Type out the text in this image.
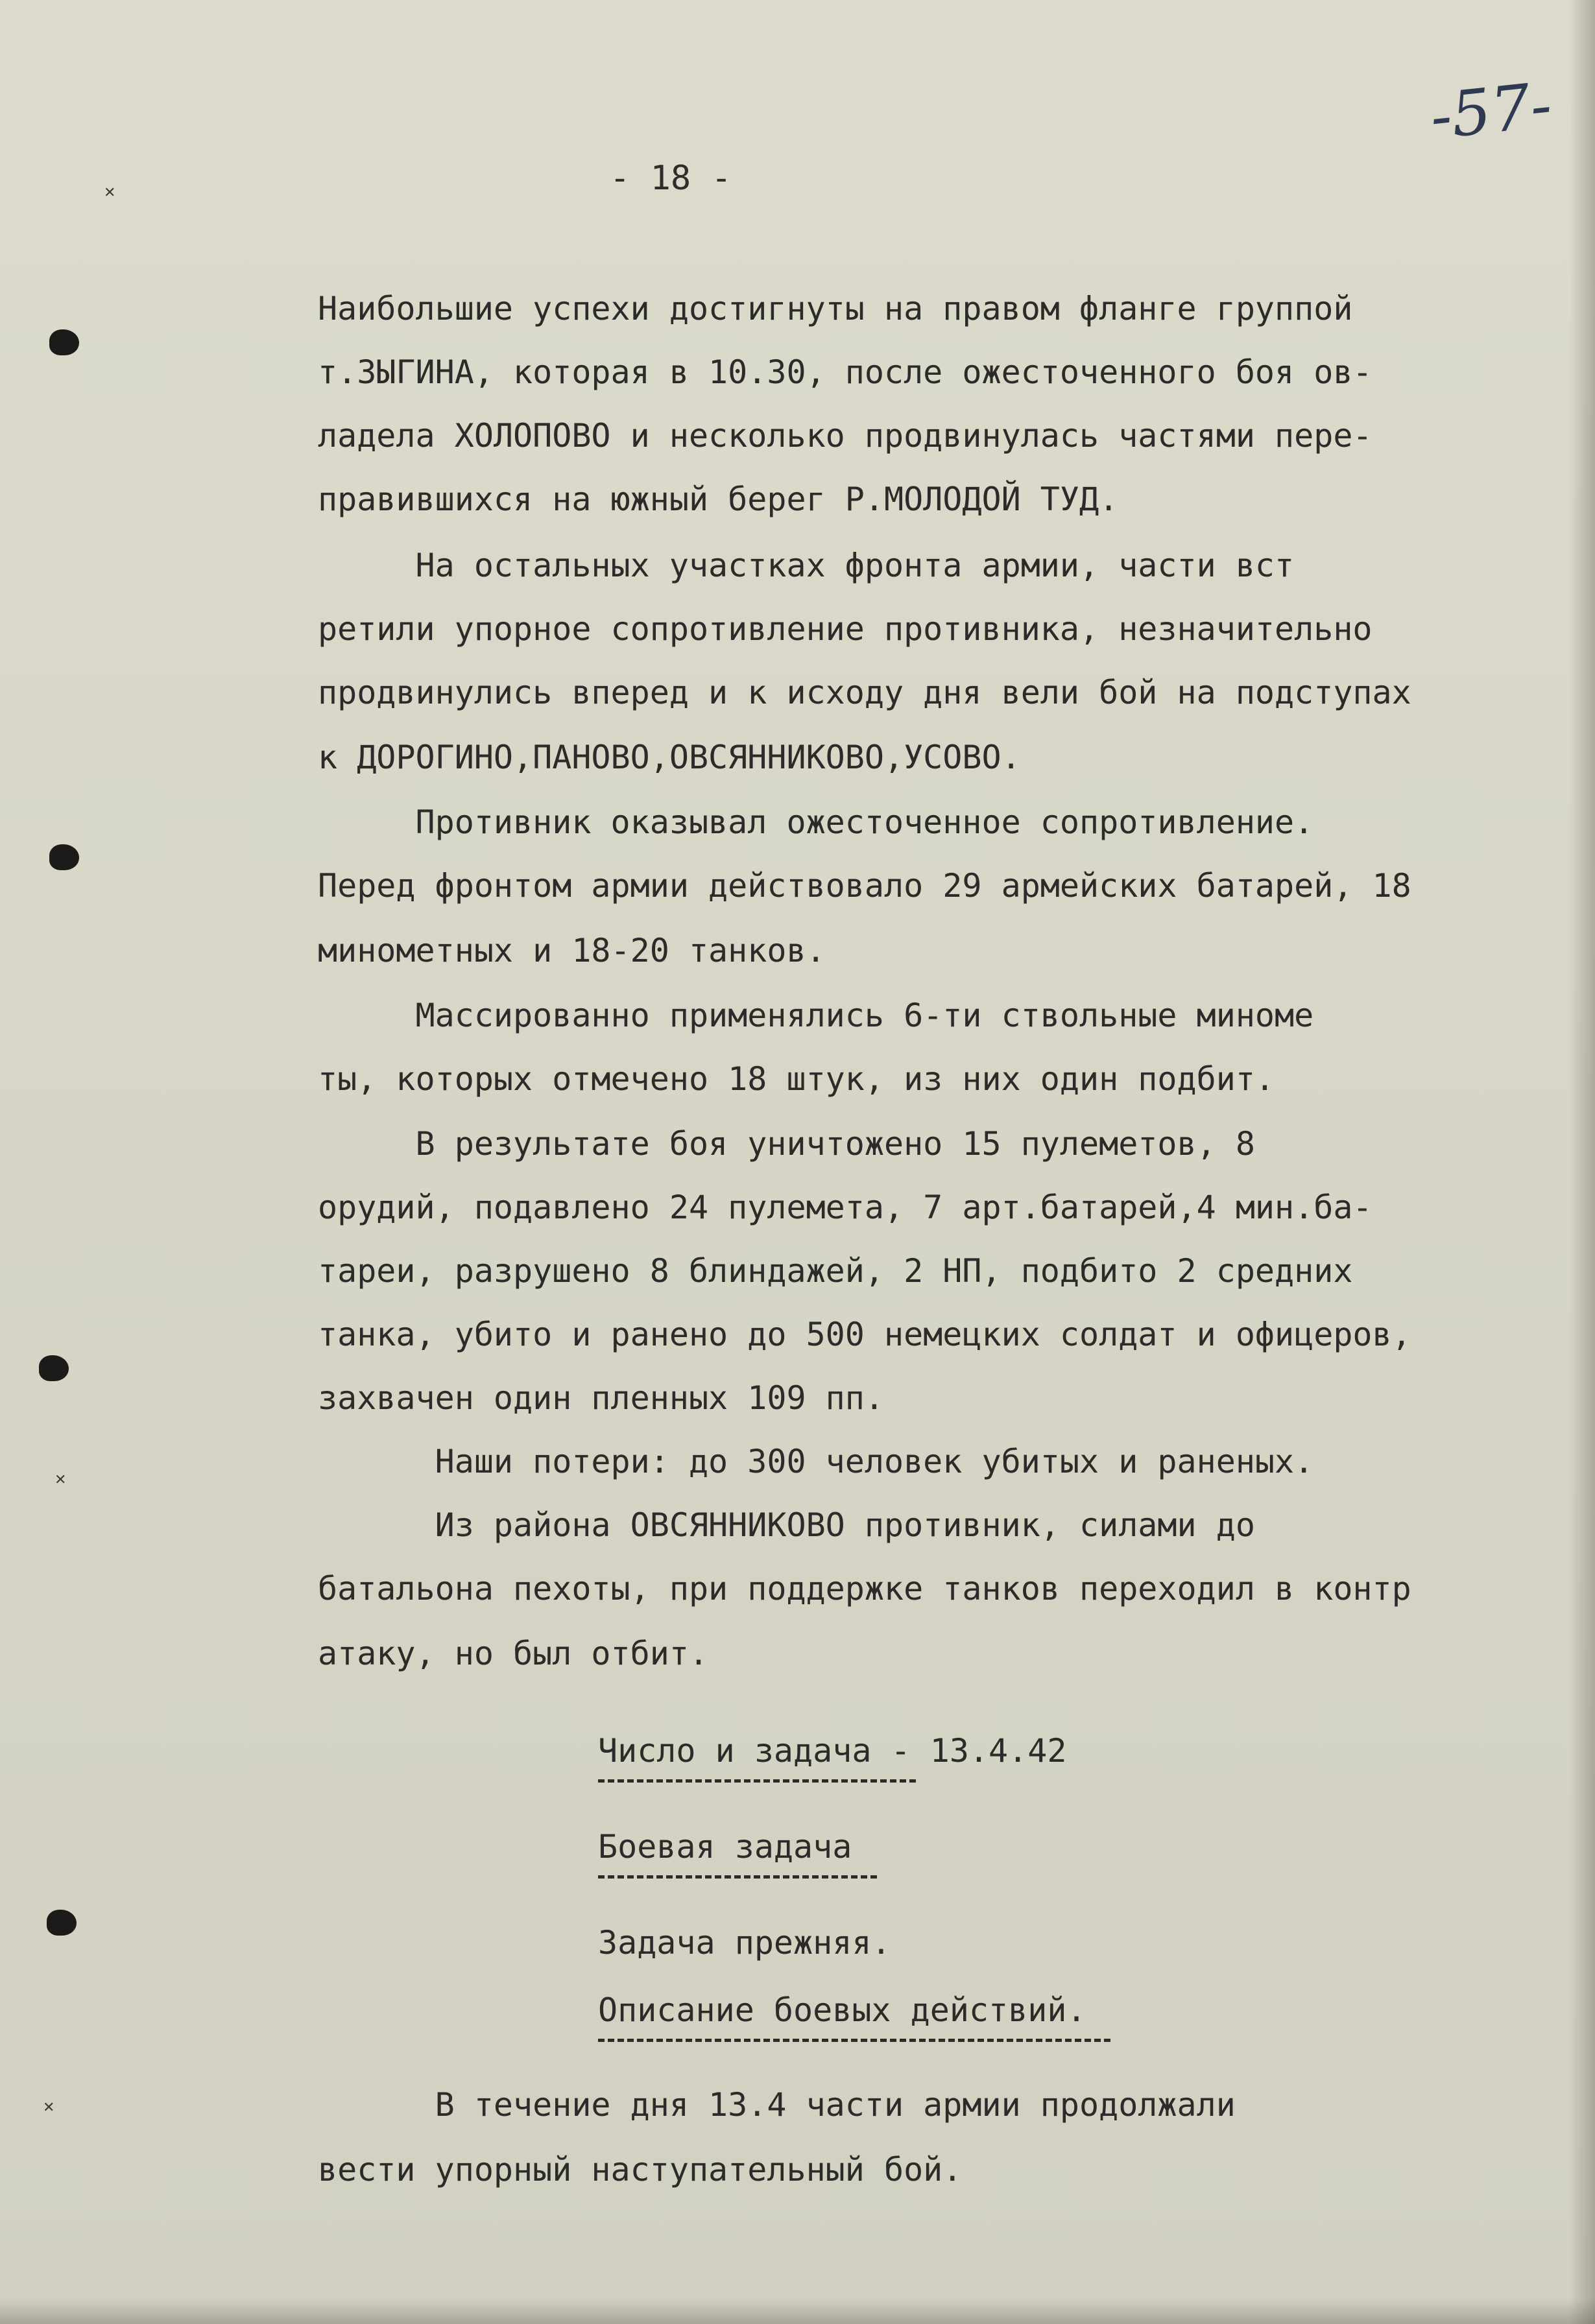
✕
✕
✕
-57-
- 18 -
Наибольшие успехи достигнуты на правом фланге группой
т.ЗЫГИНА, которая в 10.30, после ожесточенного боя ов-
ладела ХОЛОПОВО и несколько продвинулась частями пере-
правившихся на южный берег Р.МОЛОДОЙ ТУД.
На остальных участках фронта армии, части вст
ретили упорное сопротивление противника, незначительно
продвинулись вперед и к исходу дня вели бой на подступах
к ДОРОГИНО,ПАНОВО,ОВСЯННИКОВО,УСОВО.
Противник оказывал ожесточенное сопротивление.
Перед фронтом армии действовало 29 армейских батарей, 18
минометных и 18-20 танков.
Массированно применялись 6-ти ствольные миноме
ты, которых отмечено 18 штук, из них один подбит.
В результате боя уничтожено 15 пулеметов, 8
орудий, подавлено 24 пулемета, 7 арт.батарей,4 мин.ба-
тареи, разрушено 8 блиндажей, 2 НП, подбито 2 средних
танка, убито и ранено до 500 немецких солдат и офицеров,
захвачен один пленных 109 пп.
Наши потери: до 300 человек убитых и раненых.
Из района ОВСЯННИКОВО противник, силами до
батальона пехоты, при поддержке танков переходил в контр
атаку, но был отбит.
Число и задача - 13.4.42
Боевая задача
Задача прежняя.
Описание боевых действий.
В течение дня 13.4 части армии продолжали
вести упорный наступательный бой.
